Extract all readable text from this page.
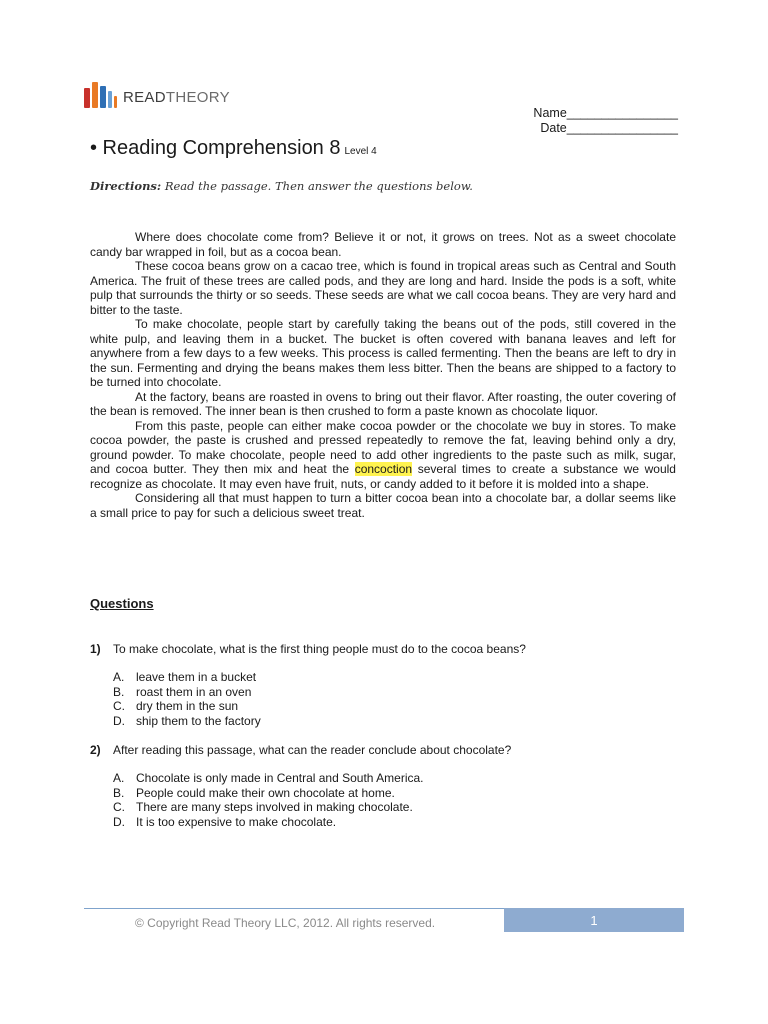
READTHEORY
Name________________
Date________________
• Reading Comprehension 8 Level 4
Directions: Read the passage. Then answer the questions below.

Where does chocolate come from? Believe it or not, it grows on trees. Not as a sweet chocolate candy bar wrapped in foil, but as a cocoa bean.

These cocoa beans grow on a cacao tree, which is found in tropical areas such as Central and South America. The fruit of these trees are called pods, and they are long and hard. Inside the pods is a soft, white pulp that surrounds the thirty or so seeds. These seeds are what we call cocoa beans. They are very hard and bitter to the taste.

To make chocolate, people start by carefully taking the beans out of the pods, still covered in the white pulp, and leaving them in a bucket. The bucket is often covered with banana leaves and left for anywhere from a few days to a few weeks. This process is called fermenting. Then the beans are left to dry in the sun. Fermenting and drying the beans makes them less bitter. Then the beans are shipped to a factory to be turned into chocolate.

At the factory, beans are roasted in ovens to bring out their flavor. After roasting, the outer covering of the bean is removed. The inner bean is then crushed to form a paste known as chocolate liquor.

From this paste, people can either make cocoa powder or the chocolate we buy in stores. To make cocoa powder, the paste is crushed and pressed repeatedly to remove the fat, leaving behind only a dry, ground powder. To make chocolate, people need to add other ingredients to the paste such as milk, sugar, and cocoa butter. They then mix and heat the concoction several times to create a substance we would recognize as chocolate. It may even have fruit, nuts, or candy added to it before it is molded into a shape.

Considering all that must happen to turn a bitter cocoa bean into a chocolate bar, a dollar seems like a small price to pay for such a delicious sweet treat.

Questions
1)	To make chocolate, what is the first thing people must do to the cocoa beans?
A. leave them in a bucket
B. roast them in an oven
C. dry them in the sun
D. ship them to the factory
2)	After reading this passage, what can the reader conclude about chocolate?
A. Chocolate is only made in Central and South America.
B. People could make their own chocolate at home.
C. There are many steps involved in making chocolate.
D. It is too expensive to make chocolate.
© Copyright Read Theory LLC, 2012. All rights reserved.	1
